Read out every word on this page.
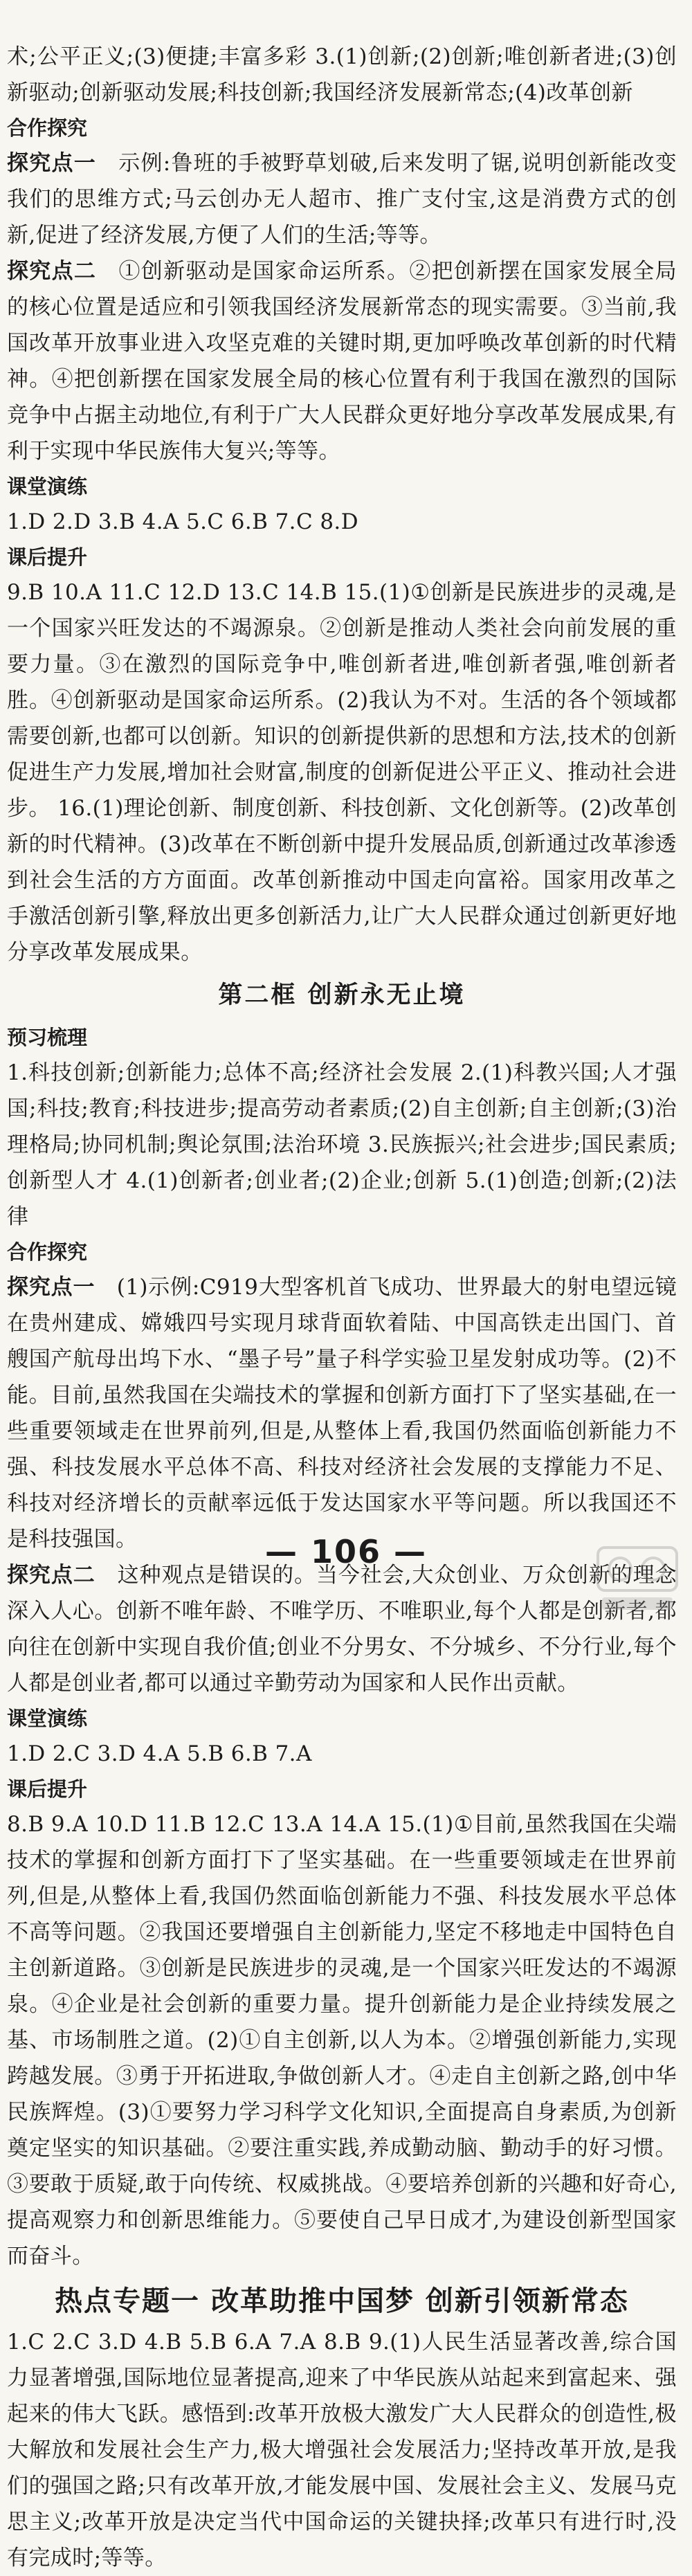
术;公平正义;(3)便捷;丰富多彩 3.(1)创新;(2)创新;唯创新者进;(3)创新驱动;创新驱动发展;科技创新;我国经济发展新常态;(4)改革创新

合作探究

探究点一  示例:鲁班的手被野草划破,后来发明了锯,说明创新能改变我们的思维方式;马云创办无人超市、推广支付宝,这是消费方式的创新,促进了经济发展,方便了人们的生活;等等。

探究点二  ①创新驱动是国家命运所系。②把创新摆在国家发展全局的核心位置是适应和引领我国经济发展新常态的现实需要。③当前,我国改革开放事业进入攻坚克难的关键时期,更加呼唤改革创新的时代精神。④把创新摆在国家发展全局的核心位置有利于我国在激烈的国际竞争中占据主动地位,有利于广大人民群众更好地分享改革发展成果,有利于实现中华民族伟大复兴;等等。

课堂演练

1.D 2.D 3.B 4.A 5.C 6.B 7.C 8.D

课后提升

9.B 10.A 11.C 12.D 13.C 14.B 15.(1)①创新是民族进步的灵魂,是一个国家兴旺发达的不竭源泉。②创新是推动人类社会向前发展的重要力量。③在激烈的国际竞争中,唯创新者进,唯创新者强,唯创新者胜。④创新驱动是国家命运所系。(2)我认为不对。生活的各个领域都需要创新,也都可以创新。知识的创新提供新的思想和方法,技术的创新促进生产力发展,增加社会财富,制度的创新促进公平正义、推动社会进步。 16.(1)理论创新、制度创新、科技创新、文化创新等。(2)改革创新的时代精神。(3)改革在不断创新中提升发展品质,创新通过改革渗透到社会生活的方方面面。改革创新推动中国走向富裕。国家用改革之手激活创新引擎,释放出更多创新活力,让广大人民群众通过创新更好地分享改革发展成果。

第二框 创新永无止境

预习梳理

1.科技创新;创新能力;总体不高;经济社会发展 2.(1)科教兴国;人才强国;科技;教育;科技进步;提高劳动者素质;(2)自主创新;自主创新;(3)治理格局;协同机制;舆论氛围;法治环境 3.民族振兴;社会进步;国民素质;创新型人才 4.(1)创新者;创业者;(2)企业;创新 5.(1)创造;创新;(2)法律

合作探究

探究点一  (1)示例:C919大型客机首飞成功、世界最大的射电望远镜在贵州建成、嫦娥四号实现月球背面软着陆、中国高铁走出国门、首艘国产航母出坞下水、“墨子号”量子科学实验卫星发射成功等。(2)不能。目前,虽然我国在尖端技术的掌握和创新方面打下了坚实基础,在一些重要领域走在世界前列,但是,从整体上看,我国仍然面临创新能力不强、科技发展水平总体不高、科技对经济社会发展的支撑能力不足、科技对经济增长的贡献率远低于发达国家水平等问题。所以我国还不是科技强国。

探究点二  这种观点是错误的。当今社会,大众创业、万众创新的理念深入人心。创新不唯年龄、不唯学历、不唯职业,每个人都是创新者,都向往在创新中实现自我价值;创业不分男女、不分城乡、不分行业,每个人都是创业者,都可以通过辛勤劳动为国家和人民作出贡献。

课堂演练

1.D 2.C 3.D 4.A 5.B 6.B 7.A

课后提升

8.B 9.A 10.D 11.B 12.C 13.A 14.A 15.(1)①目前,虽然我国在尖端技术的掌握和创新方面打下了坚实基础。在一些重要领域走在世界前列,但是,从整体上看,我国仍然面临创新能力不强、科技发展水平总体不高等问题。②我国还要增强自主创新能力,坚定不移地走中国特色自主创新道路。③创新是民族进步的灵魂,是一个国家兴旺发达的不竭源泉。④企业是社会创新的重要力量。提升创新能力是企业持续发展之基、市场制胜之道。(2)①自主创新,以人为本。②增强创新能力,实现跨越发展。③勇于开拓进取,争做创新人才。④走自主创新之路,创中华民族辉煌。(3)①要努力学习科学文化知识,全面提高自身素质,为创新奠定坚实的知识基础。②要注重实践,养成勤动脑、勤动手的好习惯。③要敢于质疑,敢于向传统、权威挑战。④要培养创新的兴趣和好奇心,提高观察力和创新思维能力。⑤要使自己早日成才,为建设创新型国家而奋斗。

热点专题一 改革助推中国梦 创新引领新常态

1.C 2.C 3.D 4.B 5.B 6.A 7.A 8.B 9.(1)人民生活显著改善,综合国力显著增强,国际地位显著提高,迎来了中华民族从站起来到富起来、强起来的伟大飞跃。感悟到:改革开放极大激发广大人民群众的创造性,极大解放和发展社会生产力,极大增强社会发展活力;坚持改革开放,是我们的强国之路;只有改革开放,才能发展中国、发展社会主义、发展马克思主义;改革开放是决定当代中国命运的关键抉择;改革只有进行时,没有完成时;等等。

— 106 —
